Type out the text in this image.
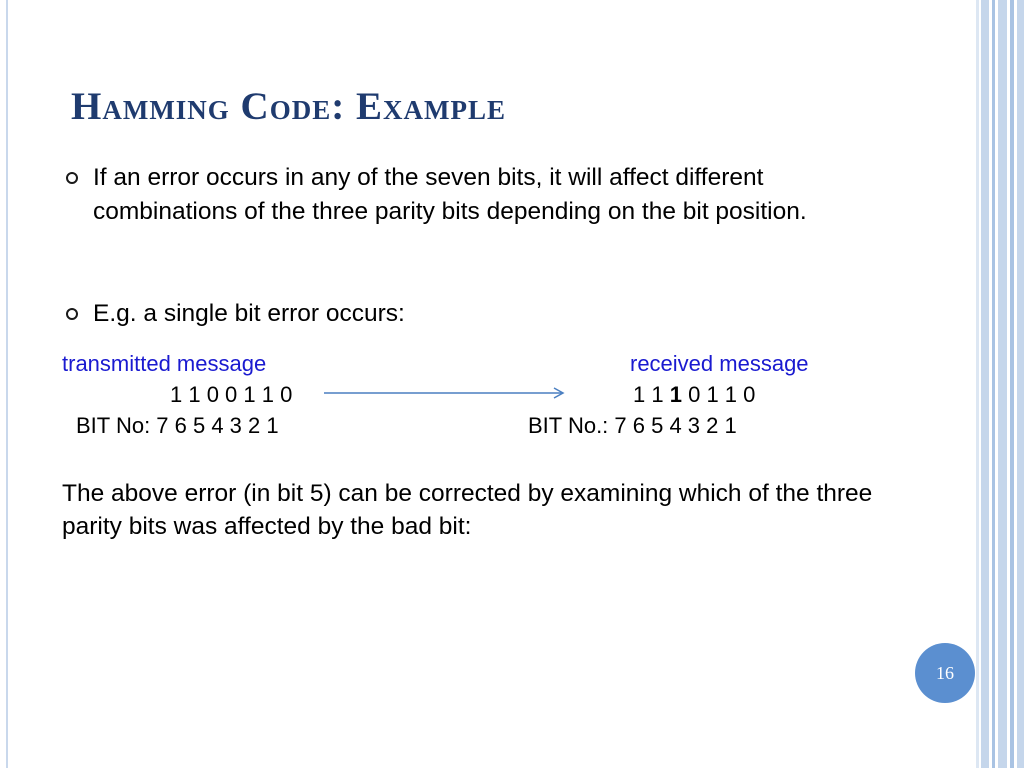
Hamming Code: Example
If an error occurs in any of the seven bits, it will affect different combinations of the three parity bits depending on the bit position.
E.g. a single bit error occurs:
transmitted message
1 1 0 0 1 1 0
BIT No: 7 6 5 4 3 2 1
received message
1 1 1 0 1 1 0
BIT No.: 7 6 5 4 3 2 1
The above error (in bit 5) can be corrected by examining which of the three parity bits was affected by the bad bit:
16
